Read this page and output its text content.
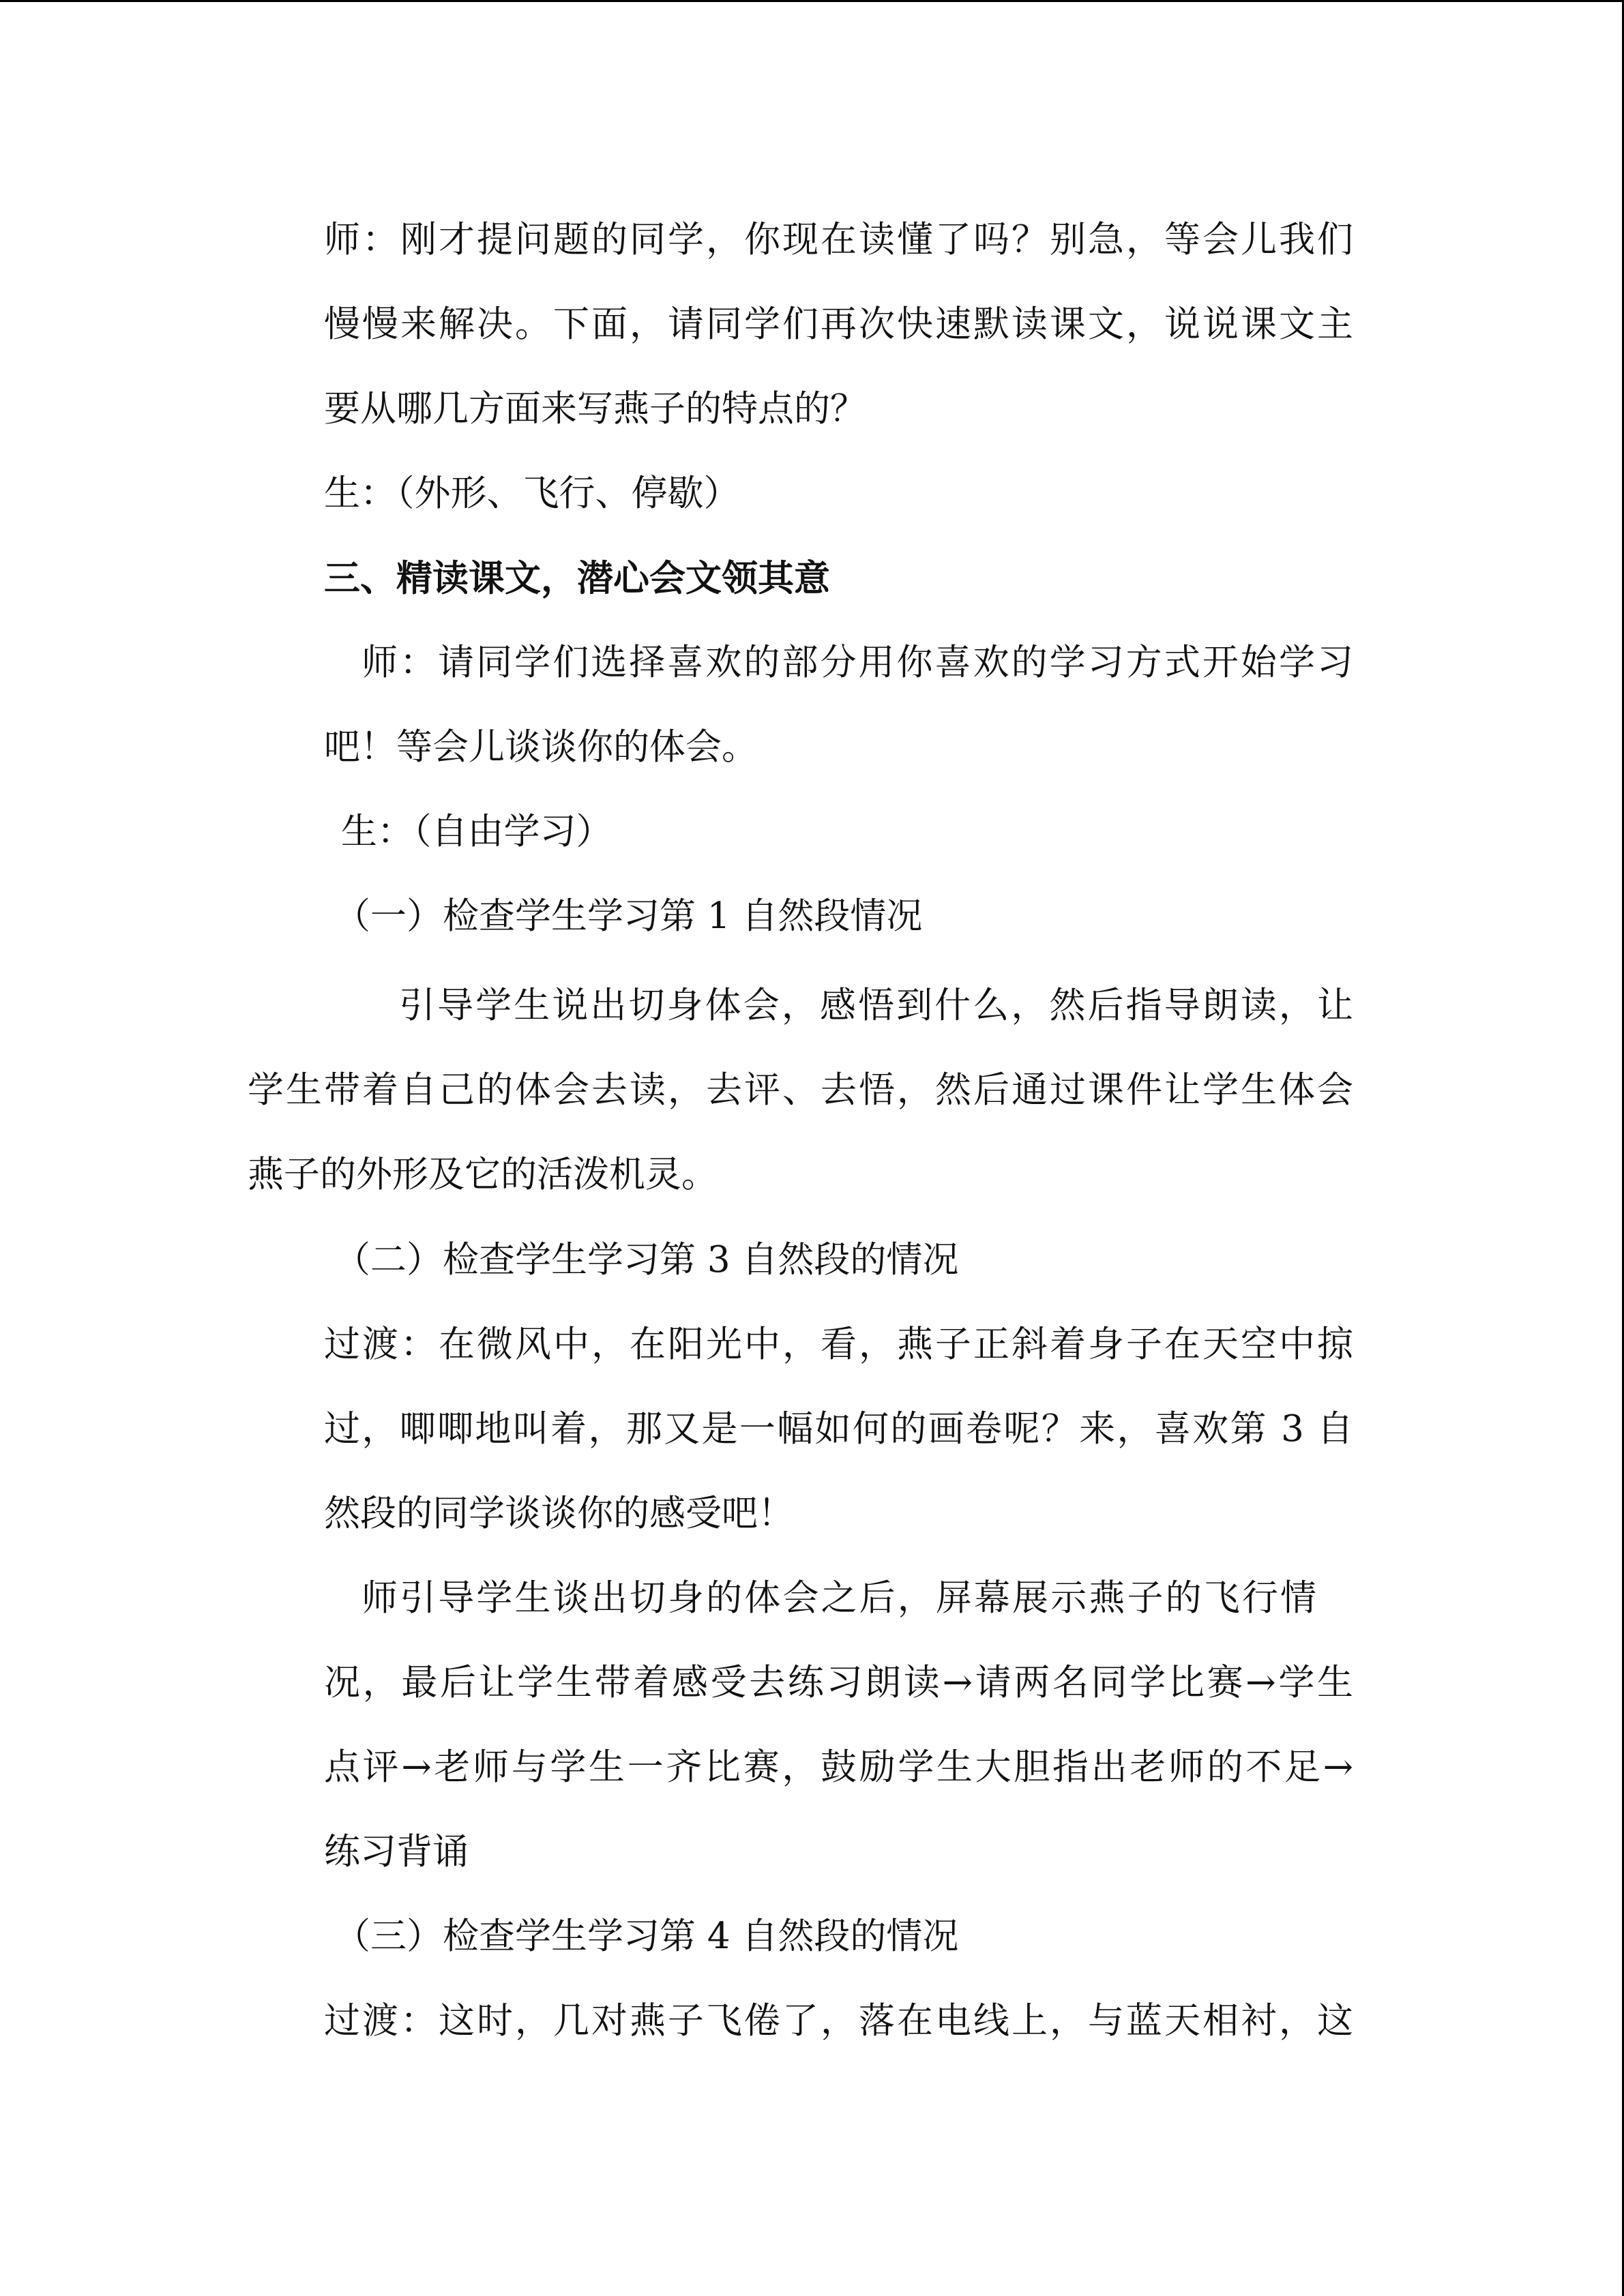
师：刚才提问题的同学，你现在读懂了吗？别急，等会儿我们

慢慢来解决。下面，请同学们再次快速默读课文，说说课文主

要从哪几方面来写燕子的特点的？

生：（外形、飞行、停歇）

三、精读课文，潜心会文领其意

师：请同学们选择喜欢的部分用你喜欢的学习方式开始学习

吧！等会儿谈谈你的体会。

生：（自由学习）

（一）检查学生学习第 1 自然段情况

引导学生说出切身体会，感悟到什么，然后指导朗读，让

学生带着自己的体会去读，去评、去悟，然后通过课件让学生体会

燕子的外形及它的活泼机灵。

（二）检查学生学习第 3 自然段的情况

过渡：在微风中，在阳光中，看，燕子正斜着身子在天空中掠

过，唧唧地叫着，那又是一幅如何的画卷呢？来，喜欢第 3 自

然段的同学谈谈你的感受吧！

师引导学生谈出切身的体会之后，屏幕展示燕子的飞行情

况，最后让学生带着感受去练习朗读→请两名同学比赛→学生

点评→老师与学生一齐比赛，鼓励学生大胆指出老师的不足→

练习背诵

（三）检查学生学习第 4 自然段的情况

过渡：这时，几对燕子飞倦了，落在电线上，与蓝天相衬，这
